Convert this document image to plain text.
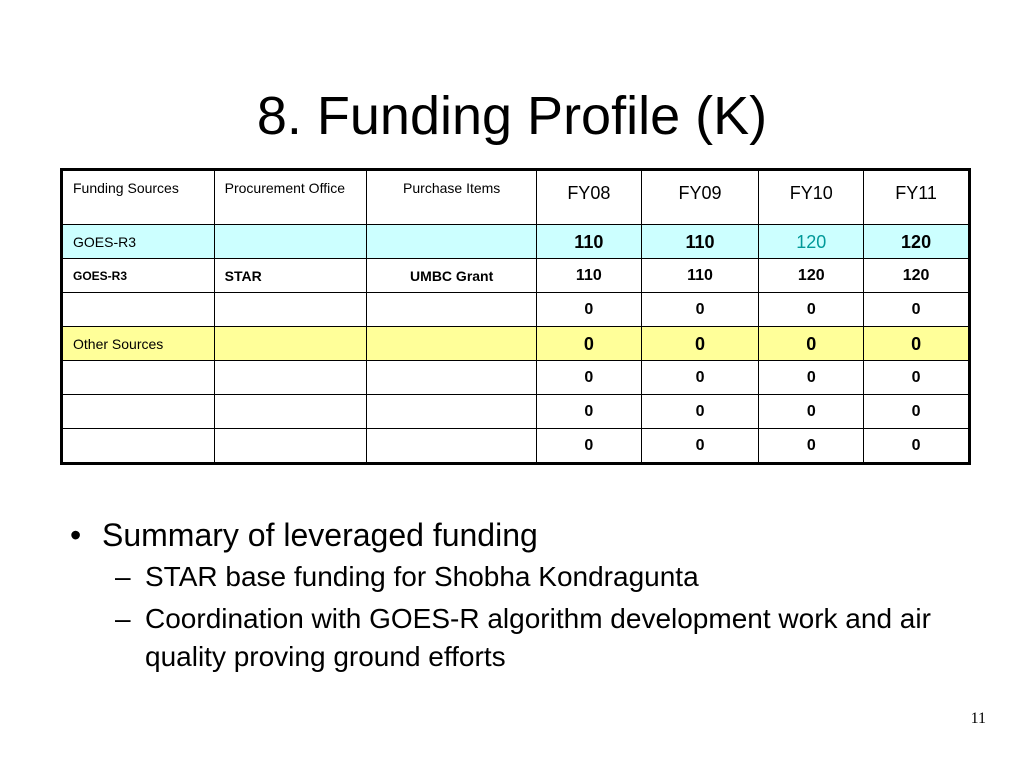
8. Funding Profile (K)
Funding Sources	Procurement Office	Purchase Items	FY08	FY09	FY10	FY11

GOES-R3			110	110	120	120

GOES-R3	STAR	UMBC Grant	110	110	120	120

			0	0	0	0

Other Sources			0	0	0	0

			0	0	0	0

			0	0	0	0

			0	0	0	0
• Summary of leveraged funding
– STAR base funding for Shobha Kondragunta
– Coordination with GOES-R algorithm development work and air quality proving ground efforts
11
